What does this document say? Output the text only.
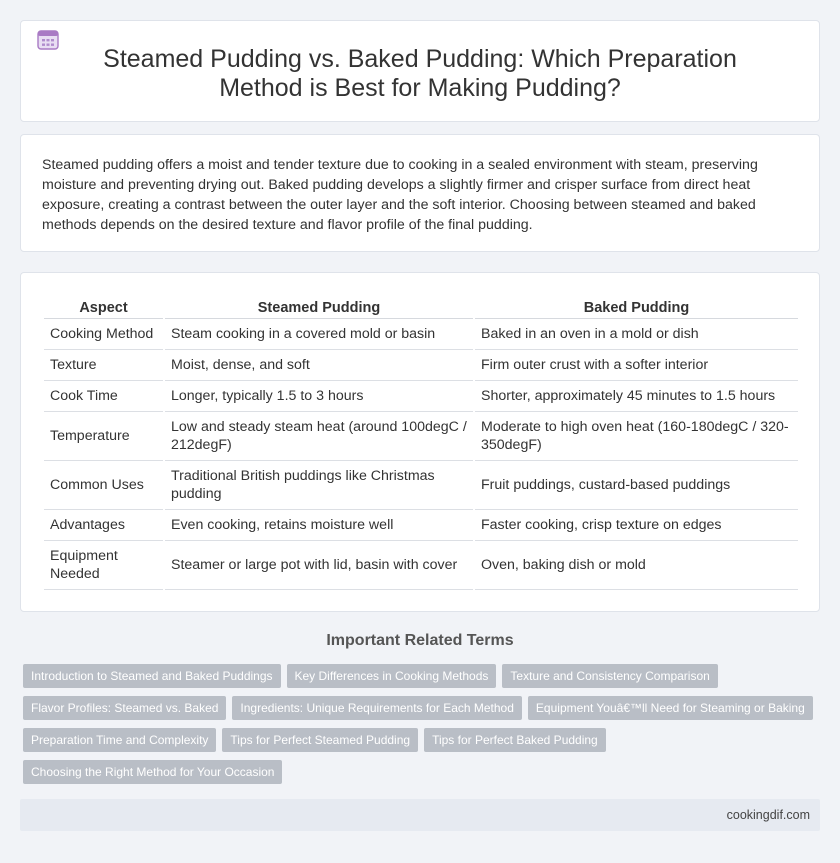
Steamed Pudding vs. Baked Pudding: Which Preparation Method is Best for Making Pudding?

Steamed pudding offers a moist and tender texture due to cooking in a sealed environment with steam, preserving moisture and preventing drying out. Baked pudding develops a slightly firmer and crisper surface from direct heat exposure, creating a contrast between the outer layer and the soft interior. Choosing between steamed and baked methods depends on the desired texture and flavor profile of the final pudding.

Aspect	Steamed Pudding	Baked Pudding
Cooking Method	Steam cooking in a covered mold or basin	Baked in an oven in a mold or dish
Texture	Moist, dense, and soft	Firm outer crust with a softer interior
Cook Time	Longer, typically 1.5 to 3 hours	Shorter, approximately 45 minutes to 1.5 hours
Temperature	Low and steady steam heat (around 100degC / 212degF)	Moderate to high oven heat (160-180degC / 320-350degF)
Common Uses	Traditional British puddings like Christmas pudding	Fruit puddings, custard-based puddings
Advantages	Even cooking, retains moisture well	Faster cooking, crisp texture on edges
Equipment Needed	Steamer or large pot with lid, basin with cover	Oven, baking dish or mold
Important Related Terms
Introduction to Steamed and Baked Puddings	Key Differences in Cooking Methods	Texture and Consistency Comparison
Flavor Profiles: Steamed vs. Baked	Ingredients: Unique Requirements for Each Method	Equipment Youâ€™ll Need for Steaming or Baking
Preparation Time and Complexity	Tips for Perfect Steamed Pudding	Tips for Perfect Baked Pudding
Choosing the Right Method for Your Occasion
cookingdif.com
